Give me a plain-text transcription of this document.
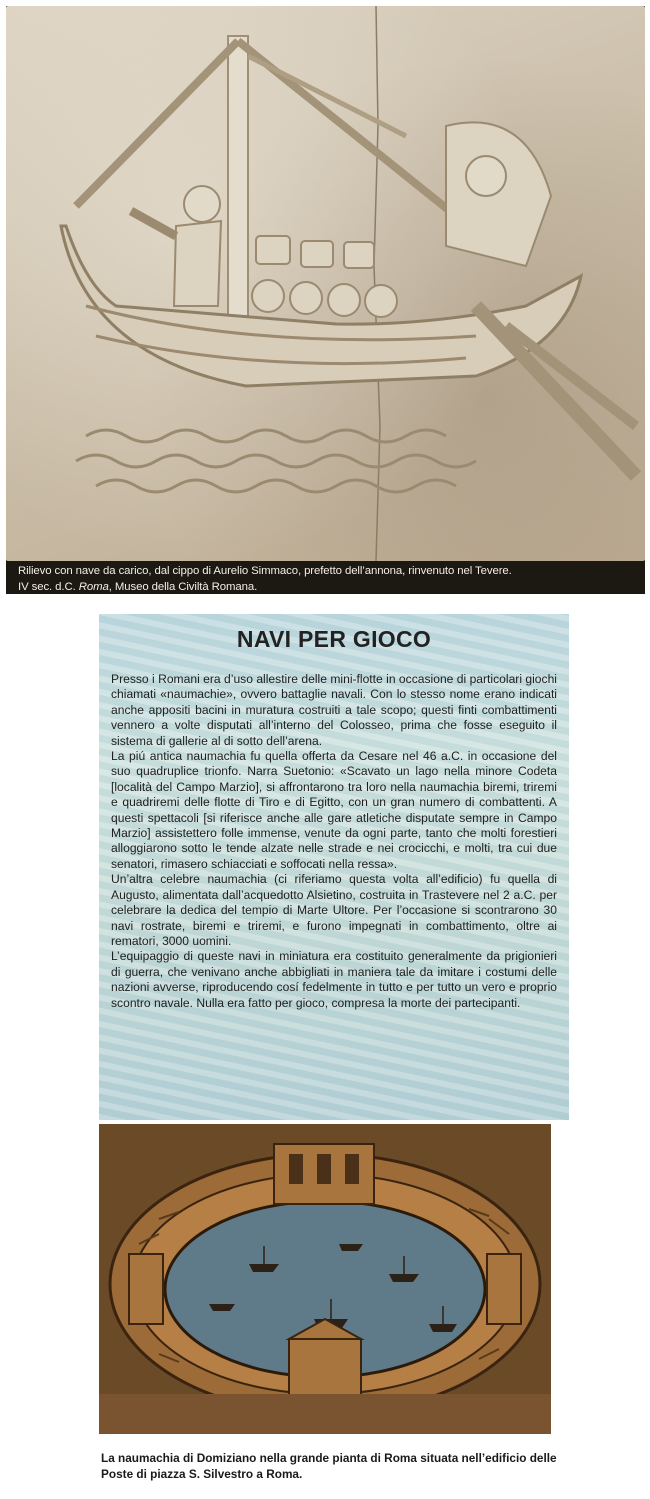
Rilievo con nave da carico, dal cippo di Aurelio Simmaco, prefetto dell’annona, rinvenuto nel Tevere.
IV sec. d.C. Roma, Museo della Civiltà Romana.
NAVI PER GIOCO

Presso i Romani era d’uso allestire delle mini-flotte in occasione di particolari giochi chiamati «naumachie», ovvero battaglie navali. Con lo stesso nome erano indicati anche appositi bacini in muratura costruiti a tale scopo; questi finti combattimenti vennero a volte disputati all’interno del Colosseo, prima che fosse eseguito il sistema di gallerie al di sotto dell’arena.

La piú antica naumachia fu quella offerta da Cesare nel 46 a.C. in occasione del suo quadruplice trionfo. Narra Suetonio: «Scavato un lago nella minore Codeta [località del Campo Marzio], si affrontarono tra loro nella naumachia biremi, triremi e quadriremi delle flotte di Tiro e di Egitto, con un gran numero di combattenti. A questi spettacoli [si riferisce anche alle gare atletiche disputate sempre in Campo Marzio] assistettero folle immense, venute da ogni parte, tanto che molti forestieri alloggiarono sotto le tende alzate nelle strade e nei crocicchi, e molti, tra cui due senatori, rimasero schiacciati e soffocati nella ressa».

Un’altra celebre naumachia (ci riferiamo questa volta all’edificio) fu quella di Augusto, alimentata dall’acquedotto Alsietino, costruita in Trastevere nel 2 a.C. per celebrare la dedica del tempio di Marte Ultore. Per l’occasione si scontrarono 30 navi rostrate, biremi e triremi, e furono impegnati in combattimento, oltre ai rematori, 3000 uomini.

L’equipaggio di queste navi in miniatura era costituito generalmente da prigionieri di guerra, che venivano anche abbigliati in maniera tale da imitare i costumi delle nazioni avverse, riproducendo cosí fedelmente in tutto e per tutto un vero e proprio scontro navale. Nulla era fatto per gioco, compresa la morte dei partecipanti.

La naumachia di Domiziano nella grande pianta di Roma situata nell’edificio delle Poste di piazza S. Silvestro a Roma.
